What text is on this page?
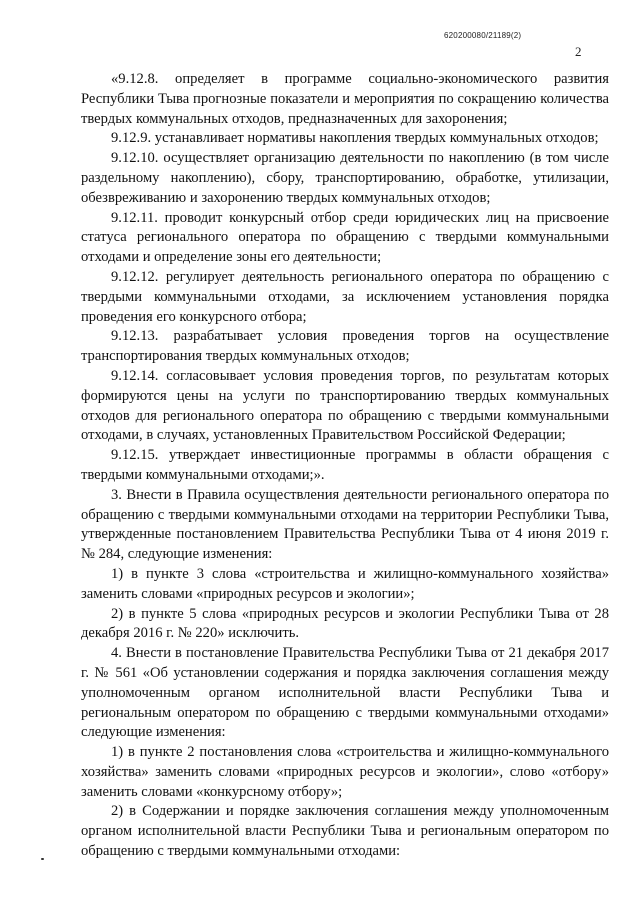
620200080/21189(2)
2

«9.12.8. определяет в программе социально-экономического развития Республики Тыва прогнозные показатели и мероприятия по сокращению количества твердых коммунальных отходов, предназначенных для захоронения;

9.12.9. устанавливает нормативы накопления твердых коммунальных отходов;

9.12.10. осуществляет организацию деятельности по накоплению (в том числе раздельному накоплению), сбору, транспортированию, обработке, утилизации, обезвреживанию и захоронению твердых коммунальных отходов;

9.12.11. проводит конкурсный отбор среди юридических лиц на присвоение статуса регионального оператора по обращению с твердыми коммунальными отходами и определение зоны его деятельности;

9.12.12. регулирует деятельность регионального оператора по обращению с твердыми коммунальными отходами, за исключением установления порядка проведения его конкурсного отбора;

9.12.13. разрабатывает условия проведения торгов на осуществление транспортирования твердых коммунальных отходов;

9.12.14. согласовывает условия проведения торгов, по результатам которых формируются цены на услуги по транспортированию твердых коммунальных отходов для регионального оператора по обращению с твердыми коммунальными отходами, в случаях, установленных Правительством Российской Федерации;

9.12.15. утверждает инвестиционные программы в области обращения с твердыми коммунальными отходами;».

3. Внести в Правила осуществления деятельности регионального оператора по обращению с твердыми коммунальными отходами на территории Республики Тыва, утвержденные постановлением Правительства Республики Тыва от 4 июня 2019 г. № 284, следующие изменения:

1) в пункте 3 слова «строительства и жилищно-коммунального хозяйства» заменить словами «природных ресурсов и экологии»;

2) в пункте 5 слова «природных ресурсов и экологии Республики Тыва от 28 декабря 2016 г. № 220» исключить.

4. Внести в постановление Правительства Республики Тыва от 21 декабря 2017 г. № 561 «Об установлении содержания и порядка заключения соглашения между уполномоченным органом исполнительной власти Республики Тыва и региональным оператором по обращению с твердыми коммунальными отходами» следующие изменения:

1) в пункте 2 постановления слова «строительства и жилищно-коммунального хозяйства» заменить словами «природных ресурсов и экологии», слово «отбору» заменить словами «конкурсному отбору»;

2) в Содержании и порядке заключения соглашения между уполномоченным органом исполнительной власти Республики Тыва и региональным оператором по обращению с твердыми коммунальными отходами:
